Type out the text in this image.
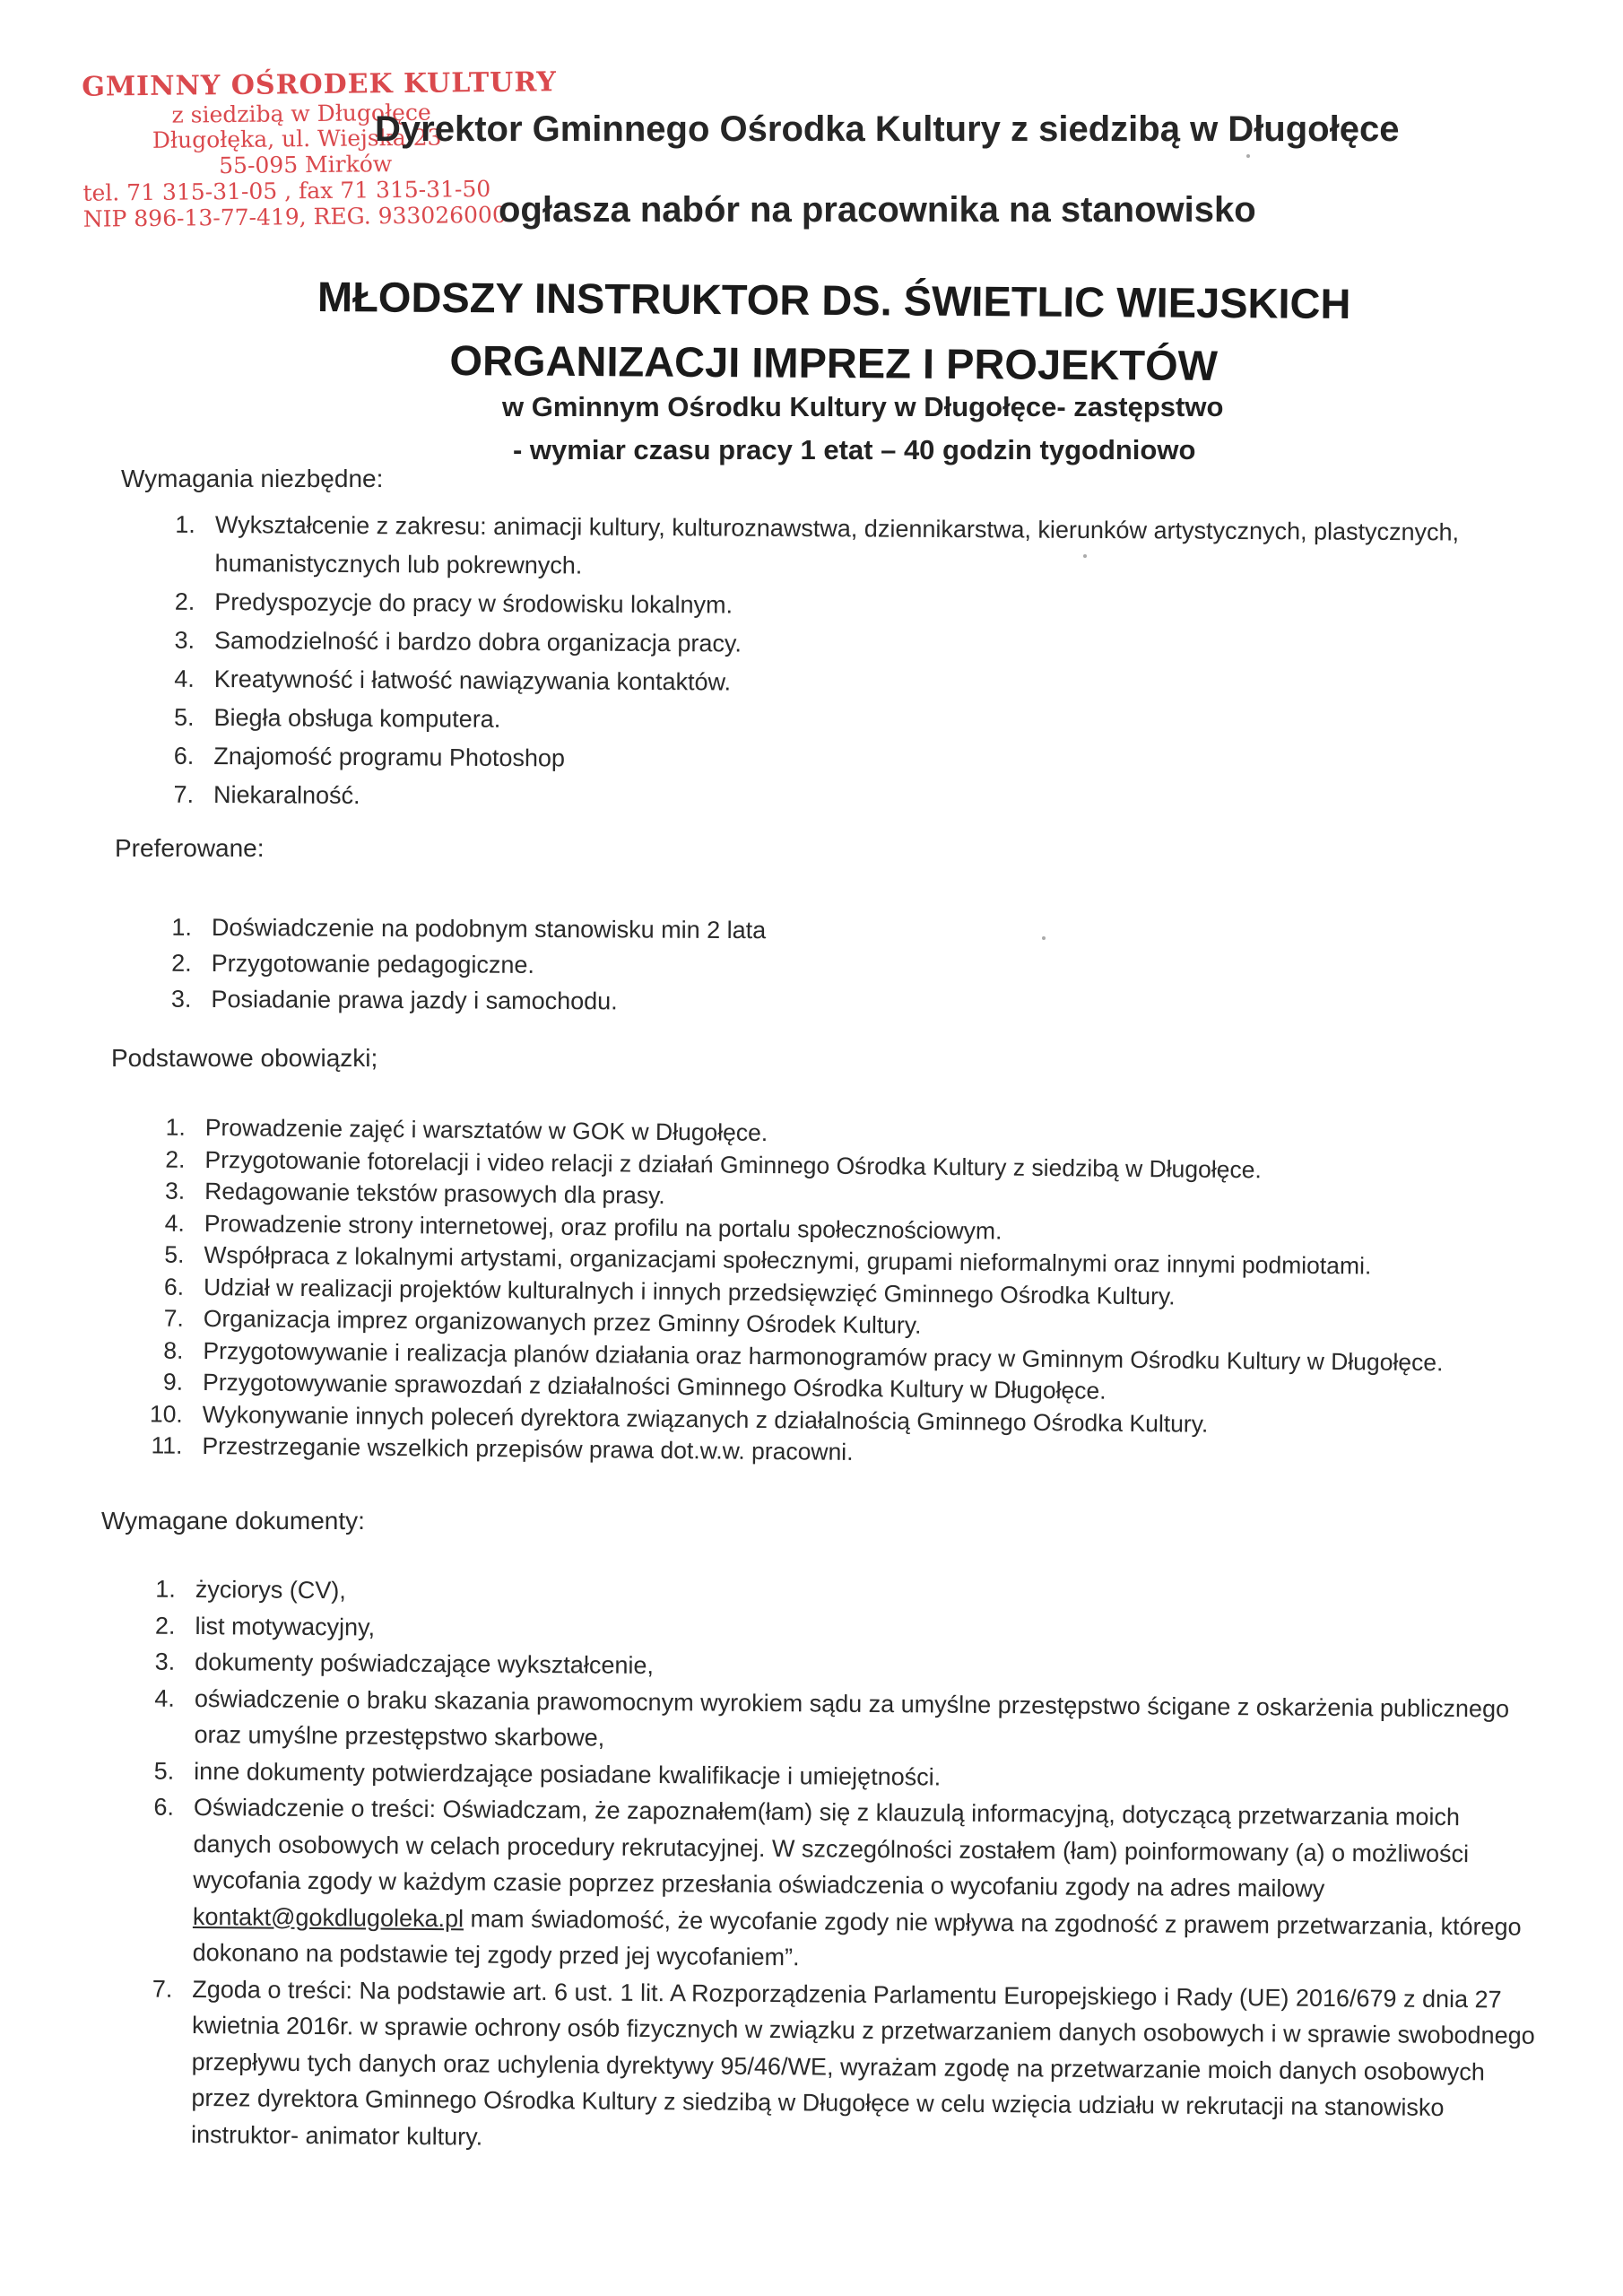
GMINNY OŚRODEK KULTURY
z siedzibą w Długołęce
Długołęka, ul. Wiejska 23
55-095 Mirków
tel. 71 315-31-05 , fax 71 315-31-50
NIP 896-13-77-419, REG. 933026000
Dyrektor Gminnego Ośrodka Kultury z siedzibą w Długołęce
ogłasza nabór na pracownika na stanowisko
MŁODSZY INSTRUKTOR DS. ŚWIETLIC WIEJSKICH ORGANIZACJI IMPREZ I PROJEKTÓW
w Gminnym Ośrodku Kultury w Długołęce- zastępstwo
- wymiar czasu pracy 1 etat – 40 godzin tygodniowo
Wymagania niezbędne:
1. Wykształcenie z zakresu: animacji kultury, kulturoznawstwa, dziennikarstwa, kierunków artystycznych, plastycznych, humanistycznych lub pokrewnych.
2. Predyspozycje do pracy w środowisku lokalnym.
3. Samodzielność i bardzo dobra organizacja pracy.
4. Kreatywność i łatwość nawiązywania kontaktów.
5. Biegła obsługa komputera.
6. Znajomość programu Photoshop
7. Niekaralność.
Preferowane:
1. Doświadczenie na podobnym stanowisku min 2 lata
2. Przygotowanie pedagogiczne.
3. Posiadanie prawa jazdy i samochodu.
Podstawowe obowiązki;
1. Prowadzenie zajęć i warsztatów w GOK w Długołęce.
2. Przygotowanie fotorelacji i video relacji z działań Gminnego Ośrodka Kultury z siedzibą w Długołęce.
3. Redagowanie tekstów prasowych dla prasy.
4. Prowadzenie strony internetowej, oraz profilu na portalu społecznościowym.
5. Współpraca z lokalnymi artystami, organizacjami społecznymi, grupami nieformalnymi oraz innymi podmiotami.
6. Udział w realizacji projektów kulturalnych i innych przedsięwzięć Gminnego Ośrodka Kultury.
7. Organizacja imprez organizowanych przez Gminny Ośrodek Kultury.
8. Przygotowywanie i realizacja planów działania oraz harmonogramów pracy w Gminnym Ośrodku Kultury w Długołęce.
9. Przygotowywanie sprawozdań z działalności Gminnego Ośrodka Kultury w Długołęce.
10. Wykonywanie innych poleceń dyrektora związanych z działalnością Gminnego Ośrodka Kultury.
11. Przestrzeganie wszelkich przepisów prawa dot.w.w. pracowni.
Wymagane dokumenty:
1. życiorys (CV),
2. list motywacyjny,
3. dokumenty poświadczające wykształcenie,
4. oświadczenie o braku skazania prawomocnym wyrokiem sądu za umyślne przestępstwo ścigane z oskarżenia publicznego oraz umyślne przestępstwo skarbowe,
5. inne dokumenty potwierdzające posiadane kwalifikacje i umiejętności.
6. Oświadczenie o treści: Oświadczam, że zapoznałem(łam) się z klauzulą informacyjną, dotyczącą przetwarzania moich danych osobowych w celach procedury rekrutacyjnej. W szczególności zostałem (łam) poinformowany (a) o możliwości wycofania zgody w każdym czasie poprzez przesłania oświadczenia o wycofaniu zgody na adres mailowy kontakt@gokdlugoleka.pl mam świadomość, że wycofanie zgody nie wpływa na zgodność z prawem przetwarzania, którego dokonano na podstawie tej zgody przed jej wycofaniem”.
7. Zgoda o treści: Na podstawie art. 6 ust. 1 lit. A Rozporządzenia Parlamentu Europejskiego i Rady (UE) 2016/679 z dnia 27 kwietnia 2016r. w sprawie ochrony osób fizycznych w związku z przetwarzaniem danych osobowych i w sprawie swobodnego przepływu tych danych oraz uchylenia dyrektywy 95/46/WE, wyrażam zgodę na przetwarzanie moich danych osobowych przez dyrektora Gminnego Ośrodka Kultury z siedzibą w Długołęce w celu wzięcia udziału w rekrutacji na stanowisko instruktor- animator kultury.
